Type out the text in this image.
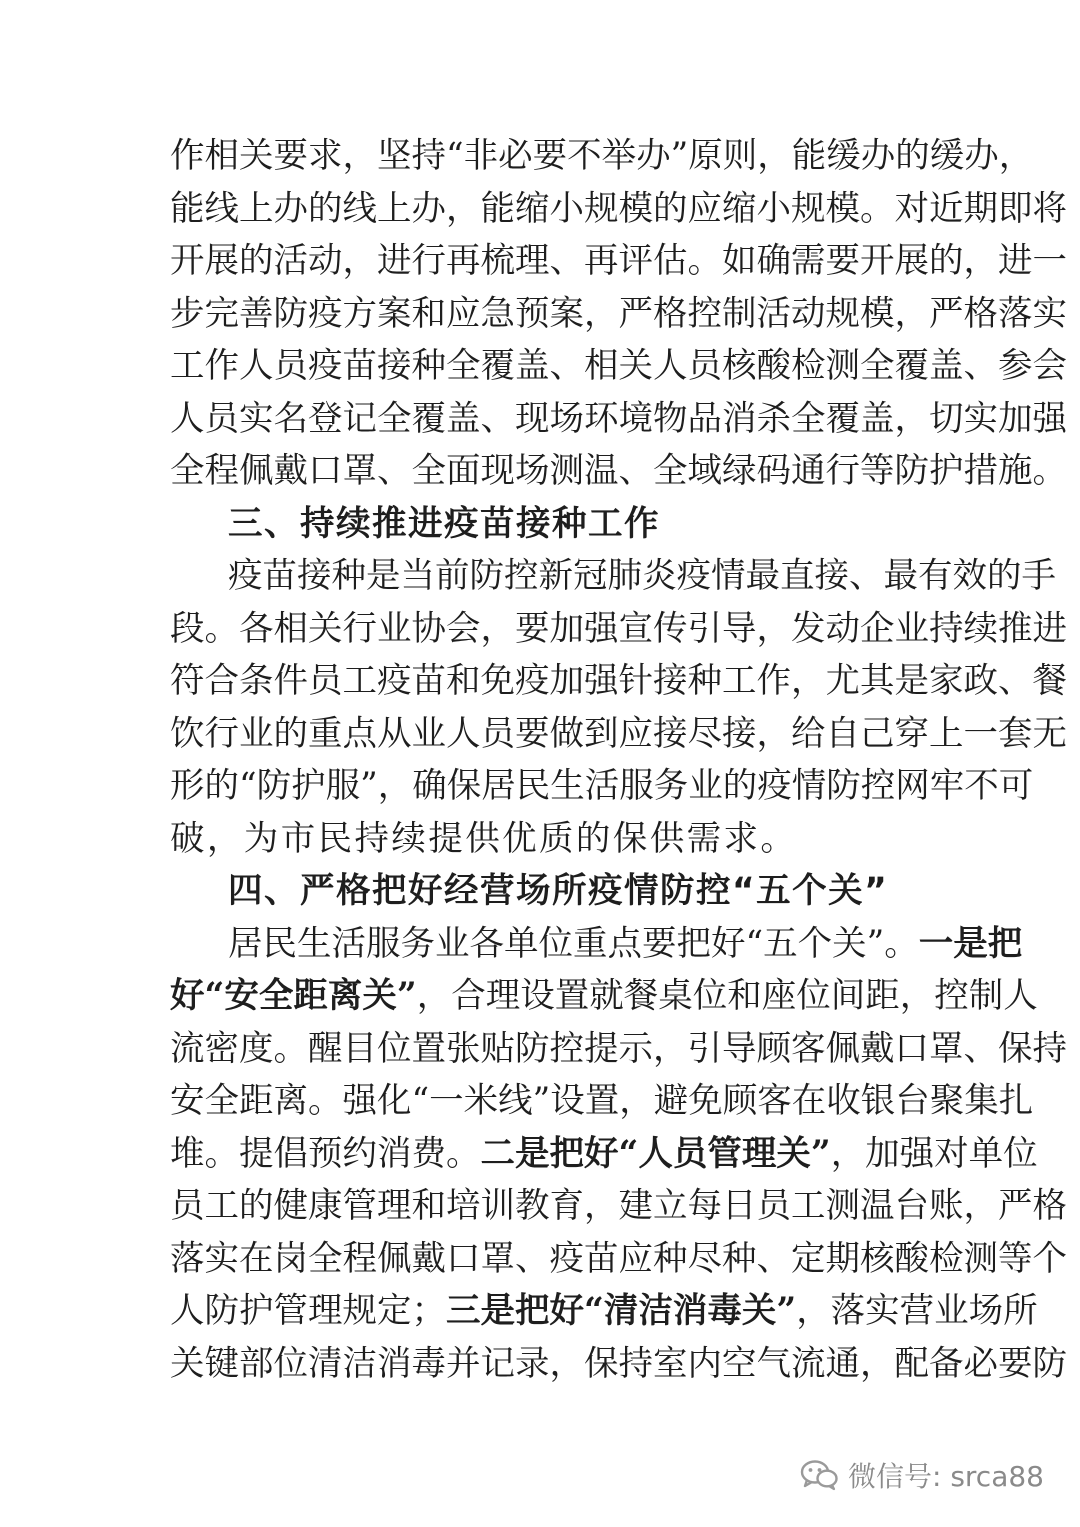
作相关要求，坚持“非必要不举办”原则，能缓办的缓办，
能线上办的线上办，能缩小规模的应缩小规模。对近期即将
开展的活动，进行再梳理、再评估。如确需要开展的，进一
步完善防疫方案和应急预案，严格控制活动规模，严格落实
工作人员疫苗接种全覆盖、相关人员核酸检测全覆盖、参会
人员实名登记全覆盖、现场环境物品消杀全覆盖，切实加强
全程佩戴口罩、全面现场测温、全域绿码通行等防护措施。
三、持续推进疫苗接种工作
疫苗接种是当前防控新冠肺炎疫情最直接、最有效的手
段。各相关行业协会，要加强宣传引导，发动企业持续推进
符合条件员工疫苗和免疫加强针接种工作，尤其是家政、餐
饮行业的重点从业人员要做到应接尽接，给自己穿上一套无
形的“防护服”，确保居民生活服务业的疫情防控网牢不可
破，为市民持续提供优质的保供需求。
四、严格把好经营场所疫情防控“五个关”
居民生活服务业各单位重点要把好“五个关”。一是把
好“安全距离关”，合理设置就餐桌位和座位间距，控制人
流密度。醒目位置张贴防控提示，引导顾客佩戴口罩、保持
安全距离。强化“一米线”设置，避免顾客在收银台聚集扎
堆。提倡预约消费。二是把好“人员管理关”，加强对单位
员工的健康管理和培训教育，建立每日员工测温台账，严格
落实在岗全程佩戴口罩、疫苗应种尽种、定期核酸检测等个
人防护管理规定；三是把好“清洁消毒关”，落实营业场所
关键部位清洁消毒并记录，保持室内空气流通，配备必要防
微信号: srca88
